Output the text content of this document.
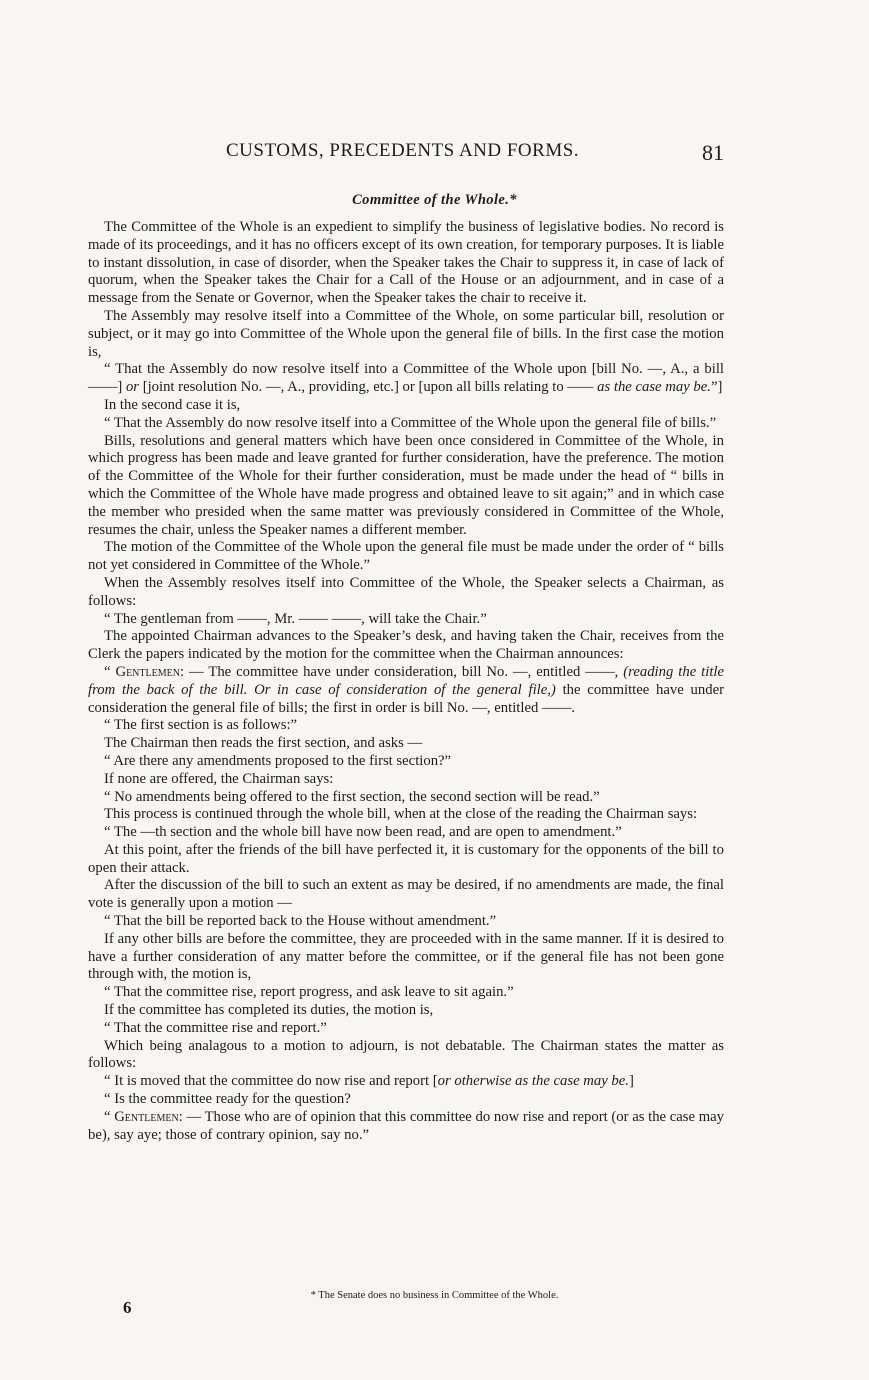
CUSTOMS, PRECEDENTS AND FORMS.	81
Committee of the Whole.*

The Committee of the Whole is an expedient to simplify the business of legislative bodies. No record is made of its proceedings, and it has no officers except of its own creation, for temporary purposes. It is liable to instant dissolution, in case of disorder, when the Speaker takes the Chair to suppress it, in case of lack of quorum, when the Speaker takes the Chair for a Call of the House or an adjournment, and in case of a message from the Senate or Governor, when the Speaker takes the chair to receive it.

The Assembly may resolve itself into a Committee of the Whole, on some particular bill, resolution or subject, or it may go into Committee of the Whole upon the general file of bills. In the first case the motion is,

“ That the Assembly do now resolve itself into a Committee of the Whole upon [bill No. —, A., a bill ——] or [joint resolution No. —, A., providing, etc.] or [upon all bills relating to —— as the case may be.”]

In the second case it is,

“ That the Assembly do now resolve itself into a Committee of the Whole upon the general file of bills.”

Bills, resolutions and general matters which have been once considered in Committee of the Whole, in which progress has been made and leave granted for further consideration, have the preference. The motion of the Committee of the Whole for their further consideration, must be made under the head of “ bills in which the Committee of the Whole have made progress and obtained leave to sit again;” and in which case the member who presided when the same matter was previously considered in Committee of the Whole, resumes the chair, unless the Speaker names a different member.

The motion of the Committee of the Whole upon the general file must be made under the order of “ bills not yet considered in Committee of the Whole.”

When the Assembly resolves itself into Committee of the Whole, the Speaker selects a Chairman, as follows:

“ The gentleman from ——, Mr. —— ——, will take the Chair.”

The appointed Chairman advances to the Speaker’s desk, and having taken the Chair, receives from the Clerk the papers indicated by the motion for the committee when the Chairman announces:

“ Gentlemen: — The committee have under consideration, bill No. —, entitled ——, (reading the title from the back of the bill. Or in case of consideration of the general file,) the committee have under consideration the general file of bills; the first in order is bill No. —, entitled ——.

“ The first section is as follows:”

The Chairman then reads the first section, and asks —

“ Are there any amendments proposed to the first section?”

If none are offered, the Chairman says:

“ No amendments being offered to the first section, the second section will be read.”

This process is continued through the whole bill, when at the close of the reading the Chairman says:

“ The —th section and the whole bill have now been read, and are open to amendment.”

At this point, after the friends of the bill have perfected it, it is customary for the opponents of the bill to open their attack.

After the discussion of the bill to such an extent as may be desired, if no amendments are made, the final vote is generally upon a motion —

“ That the bill be reported back to the House without amendment.”

If any other bills are before the committee, they are proceeded with in the same manner. If it is desired to have a further consideration of any matter before the committee, or if the general file has not been gone through with, the motion is,

“ That the committee rise, report progress, and ask leave to sit again.”

If the committee has completed its duties, the motion is,

“ That the committee rise and report.”

Which being analagous to a motion to adjourn, is not debatable. The Chairman states the matter as follows:

“ It is moved that the committee do now rise and report [or otherwise as the case may be.]

“ Is the committee ready for the question?

“ Gentlemen: — Those who are of opinion that this committee do now rise and report (or as the case may be), say aye; those of contrary opinion, say no.”

6
* The Senate does no business in Committee of the Whole.
